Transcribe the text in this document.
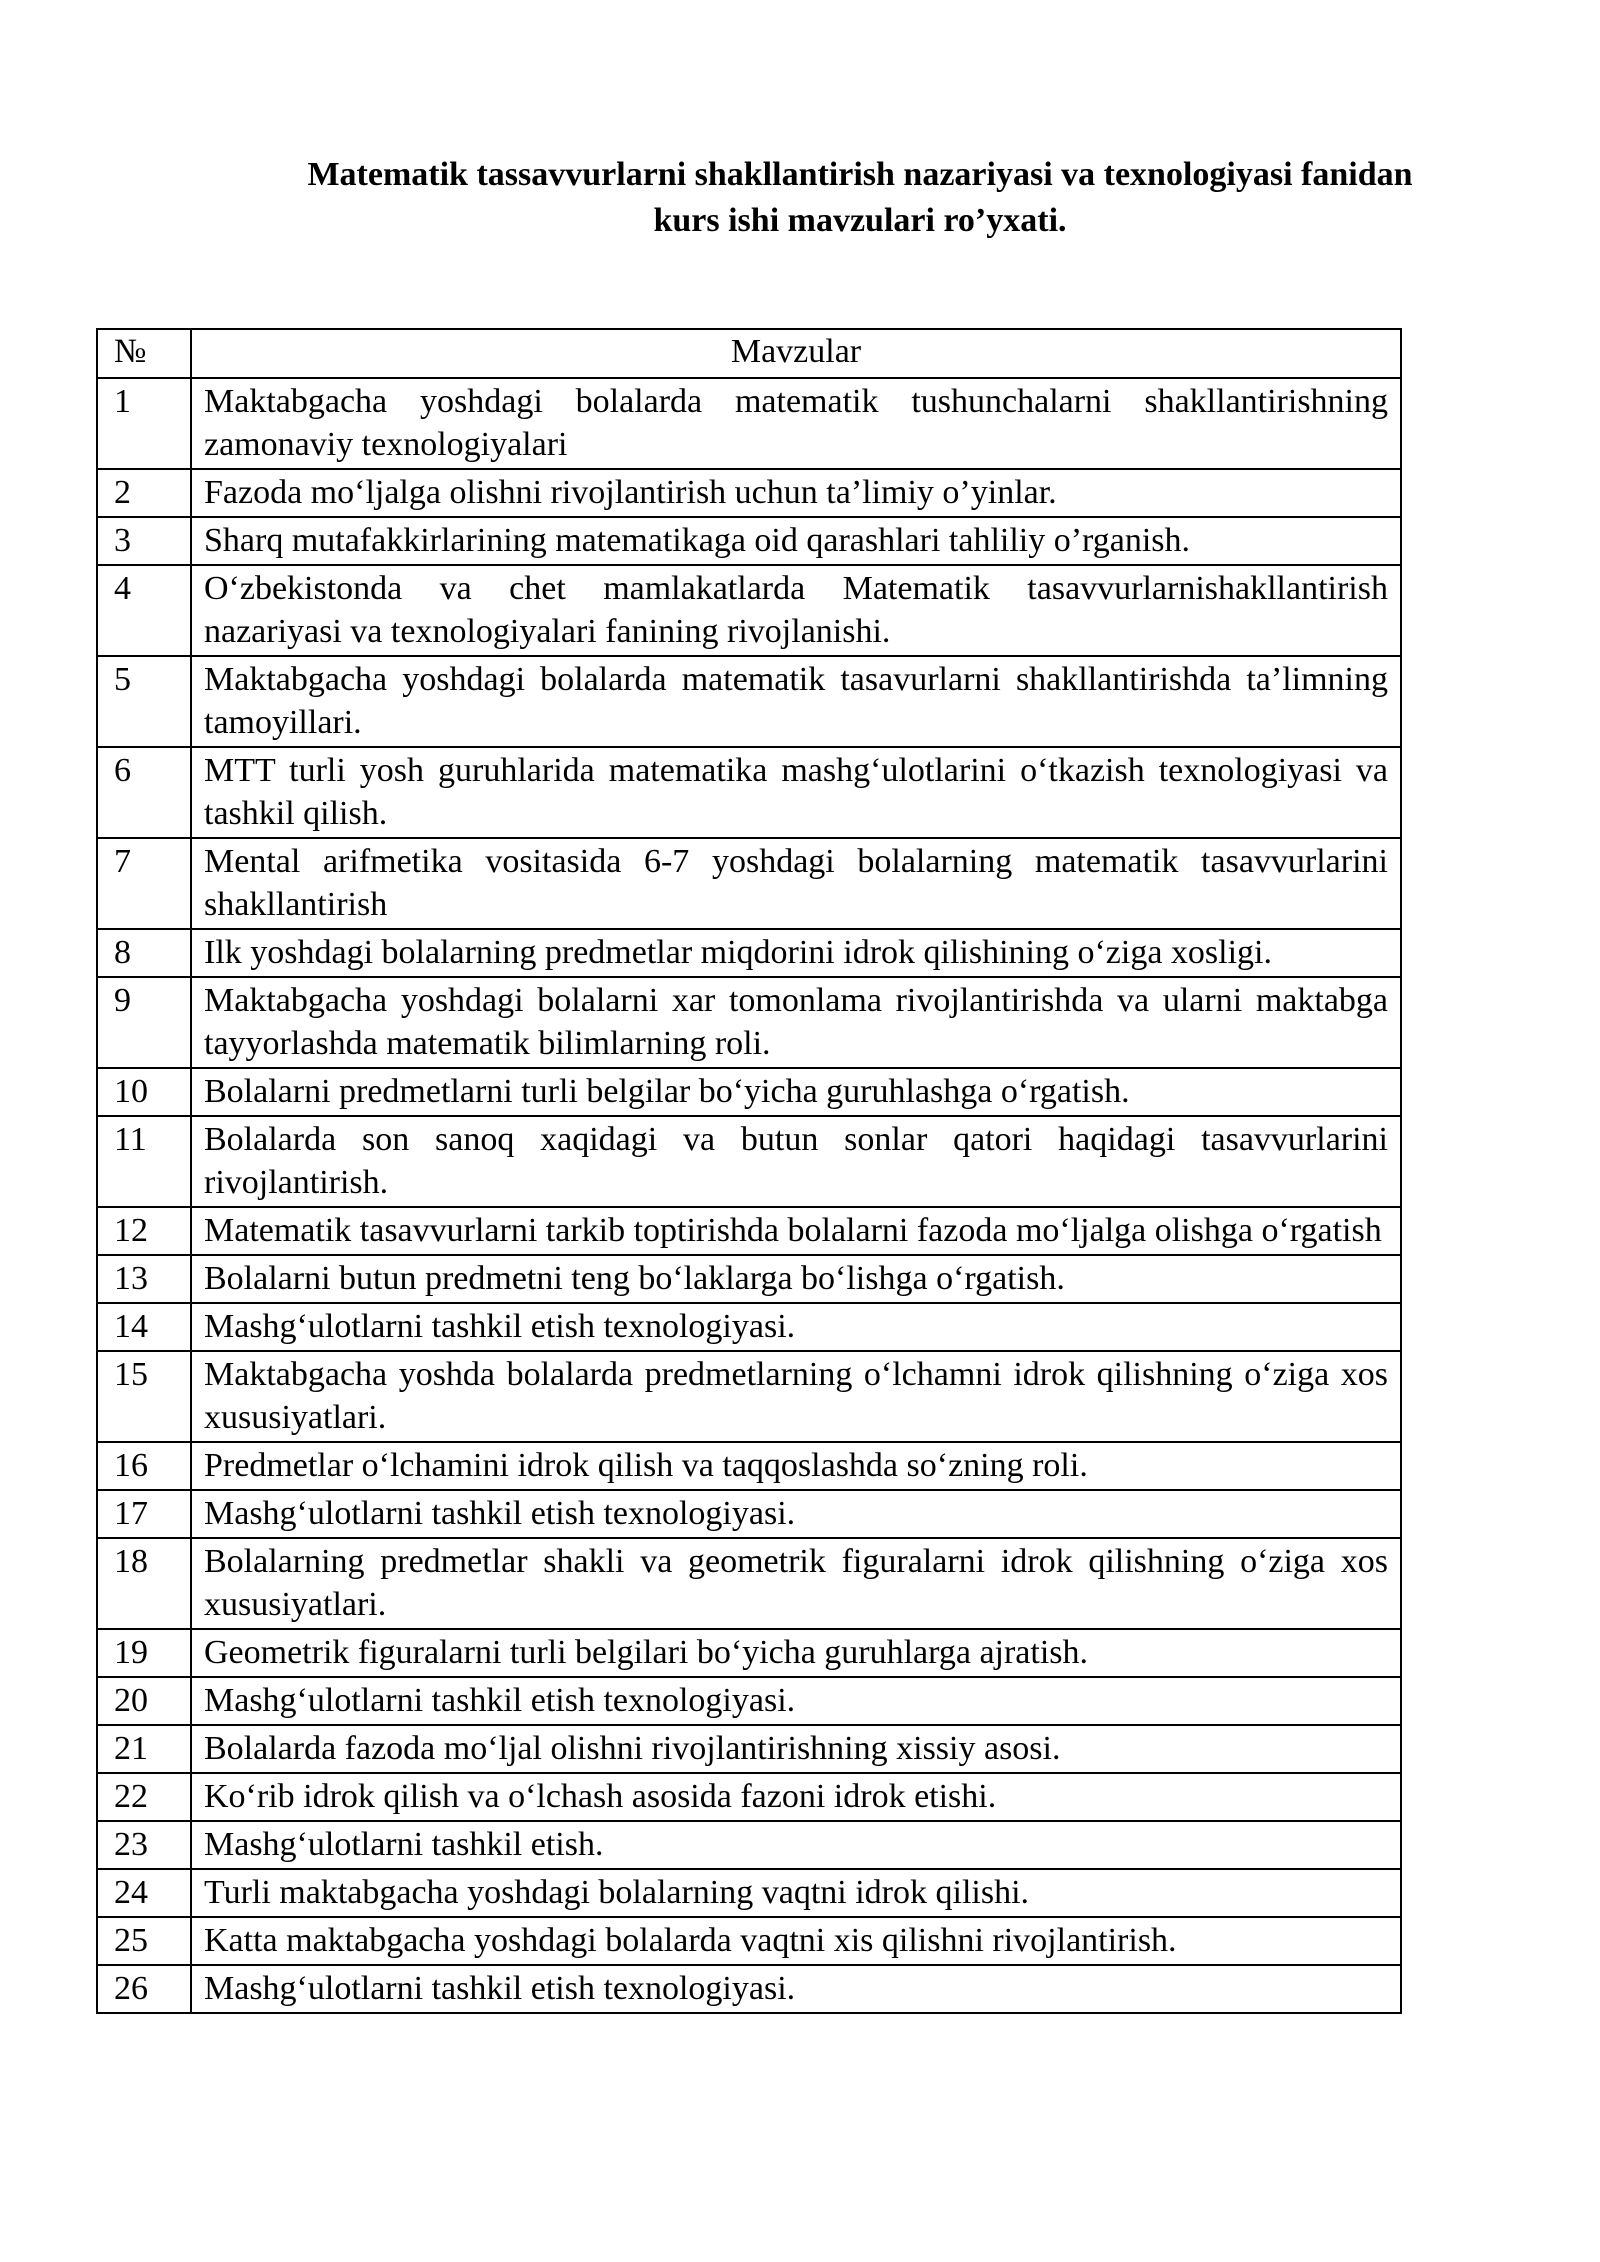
Matematik tassavvurlarni shakllantirish nazariyasi va texnologiyasi fanidan
kurs ishi mavzulari ro’yxati.
№	Mavzular
1	Maktabgacha yoshdagi bolalarda matematik tushunchalarni shakllantirishning zamonaviy texnologiyalari
2	Fazoda mo‘ljalga olishni rivojlantirish uchun ta’limiy o’yinlar.
3	Sharq mutafakkirlarining matematikaga oid qarashlari tahliliy o’rganish.
4	O‘zbekistonda va chet mamlakatlarda Matematik tasavvurlarnishakllantirish nazariyasi va texnologiyalari fanining rivojlanishi.
5	Maktabgacha yoshdagi bolalarda matematik tasavurlarni shakllantirishda ta’limning tamoyillari.
6	MTT turli yosh guruhlarida matematika mashg‘ulotlarini o‘tkazish texnologiyasi va tashkil qilish.
7	Mental arifmetika vositasida 6-7 yoshdagi bolalarning matematik tasavvurlarini shakllantirish
8	Ilk yoshdagi bolalarning predmetlar miqdorini idrok qilishining o‘ziga xosligi.
9	Maktabgacha yoshdagi bolalarni xar tomonlama rivojlantirishda va ularni maktabga tayyorlashda matematik bilimlarning roli.
10	Bolalarni predmetlarni turli belgilar bo‘yicha guruhlashga o‘rgatish.
11	Bolalarda son sanoq xaqidagi va butun sonlar qatori haqidagi tasavvurlarini rivojlantirish.
12	Matematik tasavvurlarni tarkib toptirishda bolalarni fazoda mo‘ljalga olishga o‘rgatish
13	Bolalarni butun predmetni teng bo‘laklarga bo‘lishga o‘rgatish.
14	Mashg‘ulotlarni tashkil etish texnologiyasi.
15	Maktabgacha yoshda bolalarda predmetlarning o‘lchamni idrok qilishning o‘ziga xos xususiyatlari.
16	Predmetlar o‘lchamini idrok qilish va taqqoslashda so‘zning roli.
17	Mashg‘ulotlarni tashkil etish texnologiyasi.
18	Bolalarning predmetlar shakli va geometrik figuralarni idrok qilishning o‘ziga xos xususiyatlari.
19	Geometrik figuralarni turli belgilari bo‘yicha guruhlarga ajratish.
20	Mashg‘ulotlarni tashkil etish texnologiyasi.
21	Bolalarda fazoda mo‘ljal olishni rivojlantirishning xissiy asosi.
22	Ko‘rib idrok qilish va o‘lchash asosida fazoni idrok etishi.
23	Mashg‘ulotlarni tashkil etish.
24	Turli maktabgacha yoshdagi bolalarning vaqtni idrok qilishi.
25	Katta maktabgacha yoshdagi bolalarda vaqtni xis qilishni rivojlantirish.
26	Mashg‘ulotlarni tashkil etish texnologiyasi.
